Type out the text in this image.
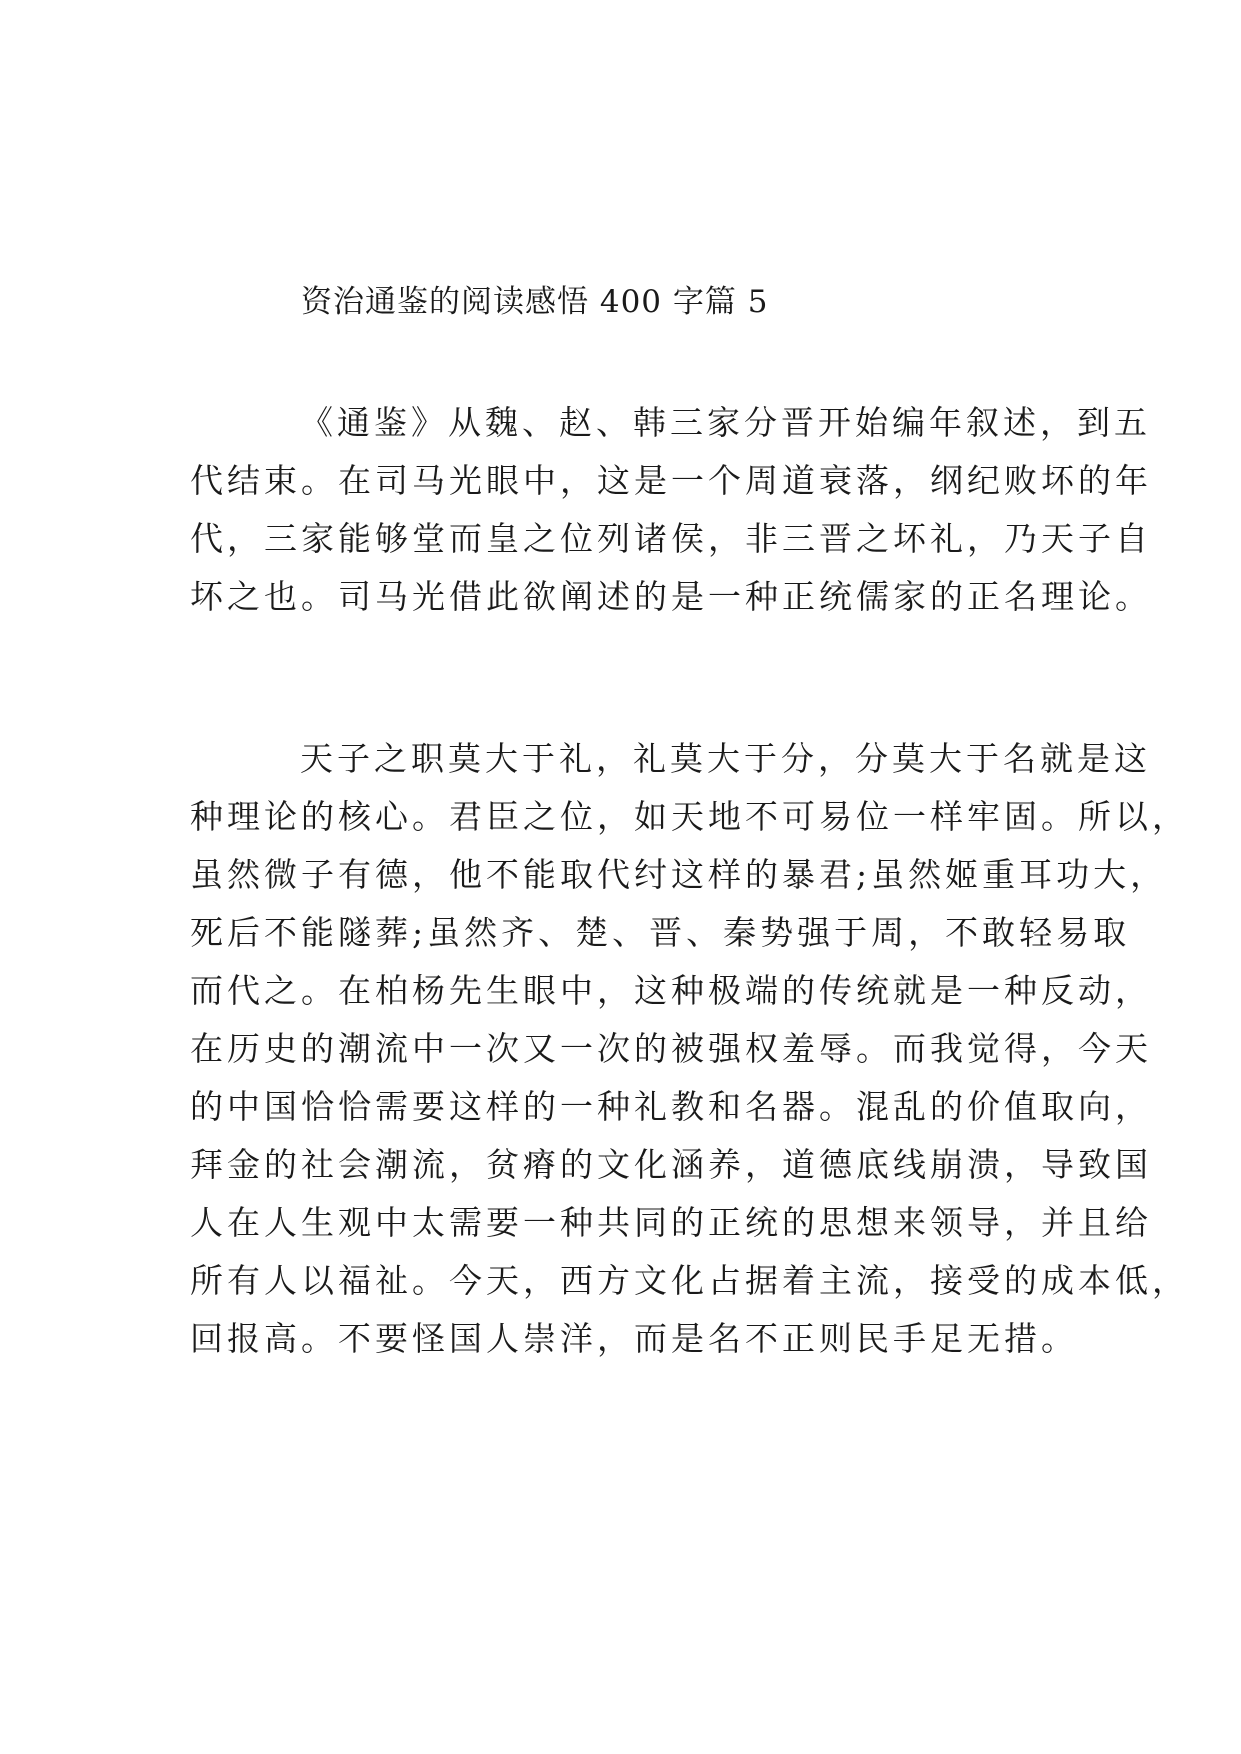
资治通鉴的阅读感悟 400 字篇 5
《通鉴》从魏、赵、韩三家分晋开始编年叙述，到五
代结束。在司马光眼中，这是一个周道衰落，纲纪败坏的年
代，三家能够堂而皇之位列诸侯，非三晋之坏礼，乃天子自
坏之也。司马光借此欲阐述的是一种正统儒家的正名理论。
天子之职莫大于礼，礼莫大于分，分莫大于名就是这
种理论的核心。君臣之位，如天地不可易位一样牢固。所以，
虽然微子有德，他不能取代纣这样的暴君;虽然姬重耳功大，
死后不能隧葬;虽然齐、楚、晋、秦势强于周，不敢轻易取
而代之。在柏杨先生眼中，这种极端的传统就是一种反动，
在历史的潮流中一次又一次的被强权羞辱。而我觉得，今天
的中国恰恰需要这样的一种礼教和名器。混乱的价值取向，
拜金的社会潮流，贫瘠的文化涵养，道德底线崩溃，导致国
人在人生观中太需要一种共同的正统的思想来领导，并且给
所有人以福祉。今天，西方文化占据着主流，接受的成本低，
回报高。不要怪国人崇洋，而是名不正则民手足无措。
